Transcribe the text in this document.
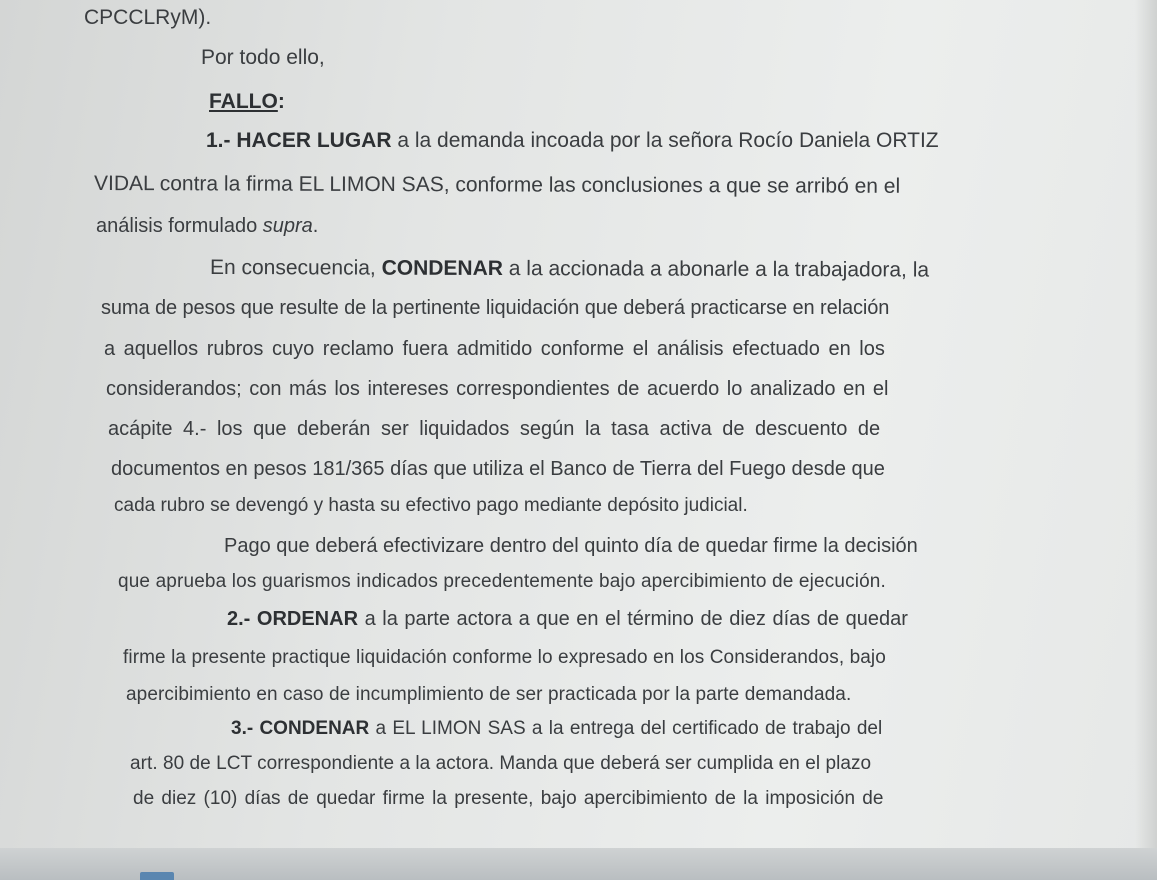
CPCCLRyM).
Por todo ello,
FALLO:
1.- HACER LUGAR a la demanda incoada por la señora Rocío Daniela ORTIZ
VIDAL contra la firma EL LIMON SAS, conforme las conclusiones a que se arribó en el
análisis formulado supra.
En consecuencia, CONDENAR a la accionada a abonarle a la trabajadora, la
suma de pesos que resulte de la pertinente liquidación que deberá practicarse en relación
a aquellos rubros cuyo reclamo fuera admitido conforme el análisis efectuado en los
considerandos; con más los intereses correspondientes de acuerdo lo analizado en el
acápite 4.- los que deberán ser liquidados según la tasa activa de descuento de
documentos en pesos 181/365 días que utiliza el Banco de Tierra del Fuego desde que
cada rubro se devengó y hasta su efectivo pago mediante depósito judicial.
Pago que deberá efectivizare dentro del quinto día de quedar firme la decisión
que aprueba los guarismos indicados precedentemente bajo apercibimiento de ejecución.
2.- ORDENAR a la parte actora a que en el término de diez días de quedar
firme la presente practique liquidación conforme lo expresado en los Considerandos, bajo
apercibimiento en caso de incumplimiento de ser practicada por la parte demandada.
3.- CONDENAR a EL LIMON SAS a la entrega del certificado de trabajo del
art. 80 de LCT correspondiente a la actora. Manda que deberá ser cumplida en el plazo
de diez (10) días de quedar firme la presente, bajo apercibimiento de la imposición de
